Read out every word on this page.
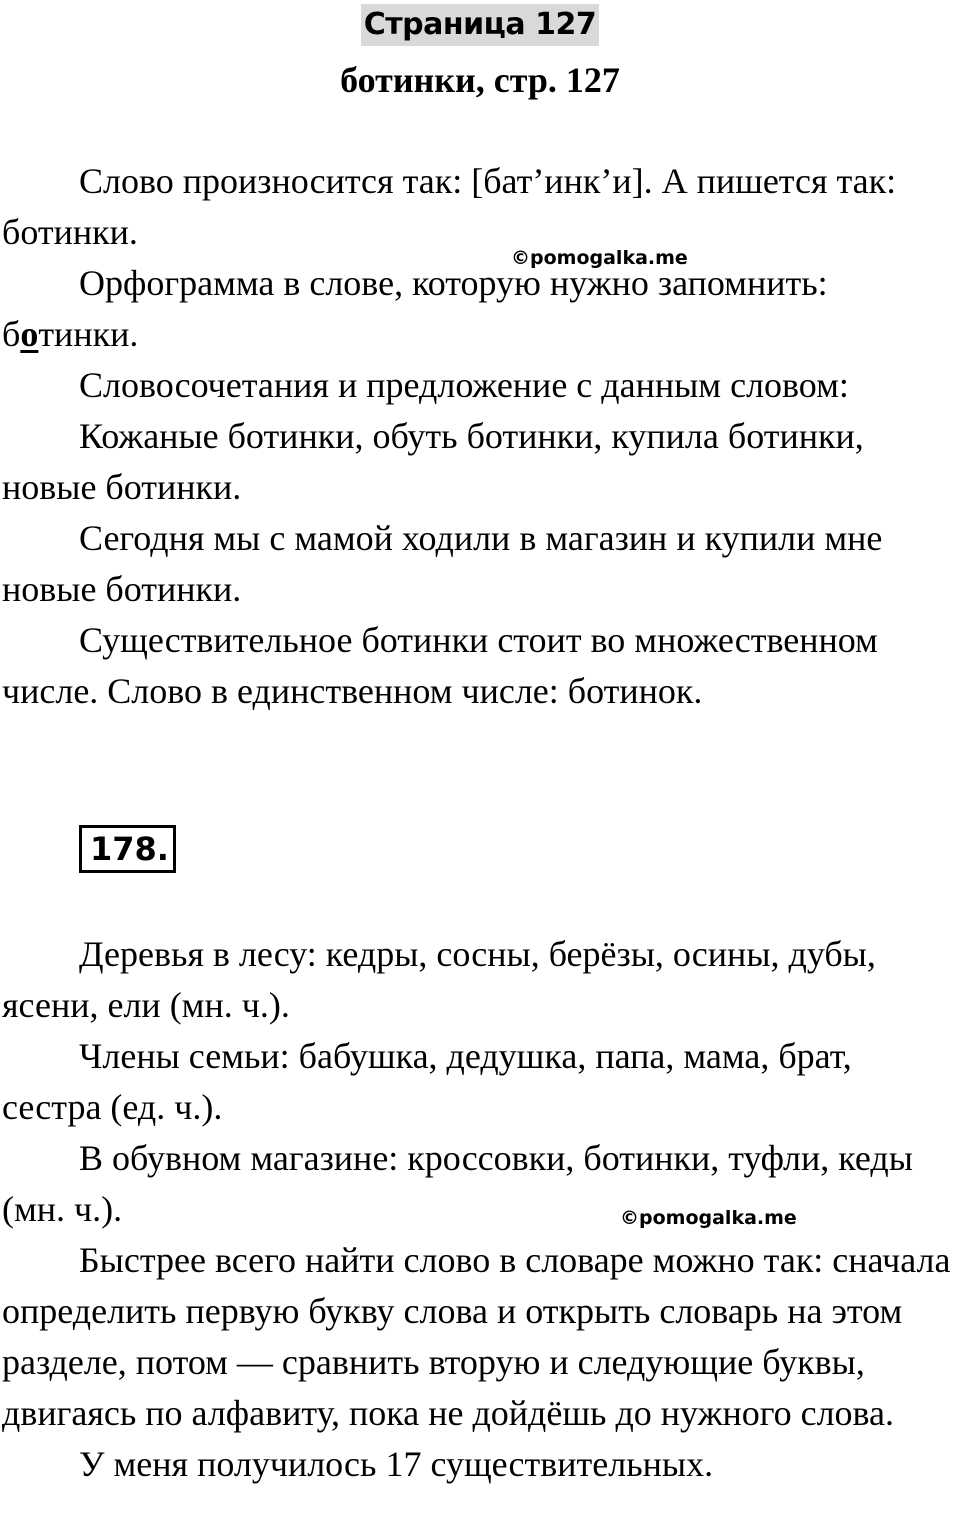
Страница 127
ботинки, стр. 127

Слово произносится так: [бат’инк’и]. А пишется так: ботинки.

Орфограмма в слове, которую нужно запомнить:
ботинки.

Словосочетания и предложение с данным словом:

Кожаные ботинки, обуть ботинки, купила ботинки, новые ботинки.

Сегодня мы с мамой ходили в магазин и купили мне новые ботинки.

Существительное ботинки стоит во множественном числе. Слово в единственном числе: ботинок.

©pomogalka.me
178.

Деревья в лесу: кедры, сосны, берёзы, осины, дубы, ясени, ели (мн. ч.).

Члены семьи: бабушка, дедушка, папа, мама, брат, сестра (ед. ч.).

В обувном магазине: кроссовки, ботинки, туфли, кеды (мн. ч.).

Быстрее всего найти слово в словаре можно так: сначала определить первую букву слова и открыть словарь на этом разделе, потом — сравнить вторую и следующие буквы, двигаясь по алфавиту, пока не дойдёшь до нужного слова.

У меня получилось 17 существительных.

©pomogalka.me
